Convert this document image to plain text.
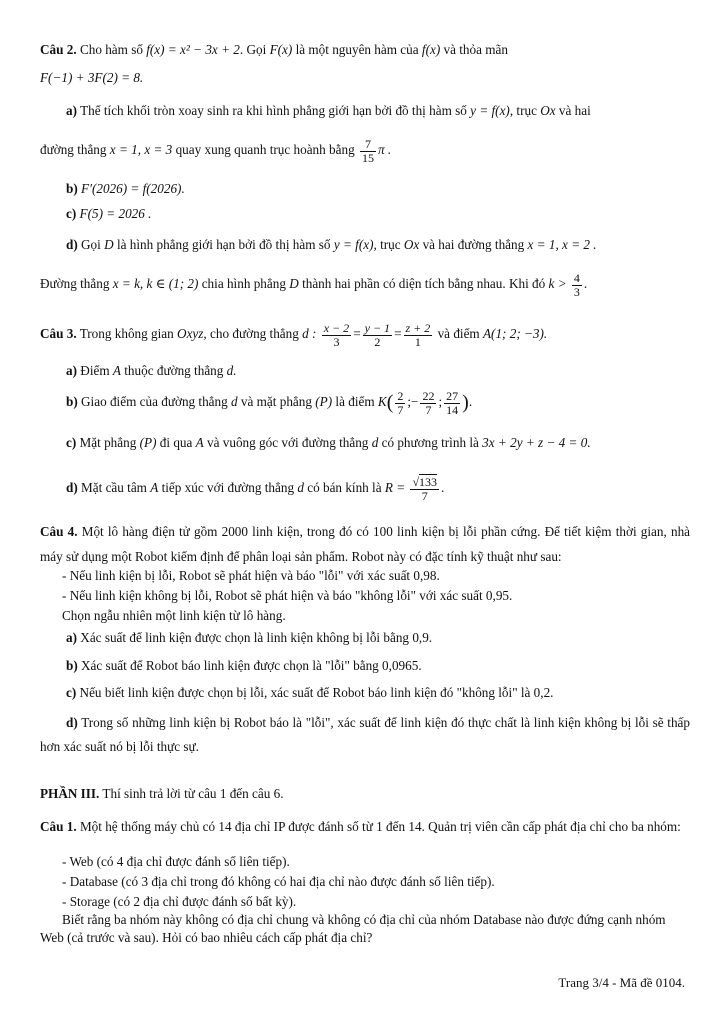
Câu 2. Cho hàm số f(x) = x² − 3x + 2. Gọi F(x) là một nguyên hàm của f(x) và thỏa mãn
F(−1) + 3F(2) = 8.
a) Thể tích khối tròn xoay sinh ra khi hình phẳng giới hạn bởi đồ thị hàm số y = f(x), trục Ox và hai
đường thẳng x = 1, x = 3 quay xung quanh trục hoành bằng $\frac{7}{15}$ π .
b) F′(2026) = f(2026).
c) F(5) = 2026 .
d) Gọi D là hình phẳng giới hạn bởi đồ thị hàm số y = f(x), trục Ox và hai đường thẳng x = 1, x = 2 .
Đường thẳng x = k, k ∈ (1; 2) chia hình phẳng D thành hai phần có diện tích bằng nhau. Khi đó $k > \frac{4}{3}$ .
Câu 3. Trong không gian Oxyz, cho đường thẳng d : $\frac{x - 2}{3} = \frac{y - 1}{2} = \frac{z + 2}{1}$ và điểm A(1; 2; −3).
a) Điểm A thuộc đường thẳng d.
b) Giao điểm của đường thẳng d và mặt phẳng (P) là điểm $K( \frac{2}{7}$ ;− $\frac{22}{7}$ ; $\frac{27}{14}$ ).
c) Mặt phẳng (P) đi qua A và vuông góc với đường thẳng d có phương trình là 3x + 2y + z − 4 = 0.
d) Mặt cầu tâm A tiếp xúc với đường thẳng d có bán kính là $R = \frac{√133}{7}$ .
Câu 4. Một lô hàng điện tử gồm 2000 linh kiện, trong đó có 100 linh kiện bị lỗi phần cứng. Để tiết kiệm thời gian, nhà máy sử dụng một Robot kiểm định để phân loại sản phẩm. Robot này có đặc tính kỹ thuật như sau:
- Nếu linh kiện bị lỗi, Robot sẽ phát hiện và báo "lỗi" với xác suất 0,98.
- Nếu linh kiện không bị lỗi, Robot sẽ phát hiện và báo "không lỗi" với xác suất 0,95.
Chọn ngẫu nhiên một linh kiện từ lô hàng.
a) Xác suất để linh kiện được chọn là linh kiện không bị lỗi bằng 0,9.
b) Xác suất để Robot báo linh kiện được chọn là "lỗi" bằng 0,0965.
c) Nếu biết linh kiện được chọn bị lỗi, xác suất để Robot báo linh kiện đó "không lỗi" là 0,2.
d) Trong số những linh kiện bị Robot báo là "lỗi", xác suất để linh kiện đó thực chất là linh kiện không bị lỗi sẽ thấp hơn xác suất nó bị lỗi thực sự.
PHẦN III. Thí sinh trả lời từ câu 1 đến câu 6.
Câu 1. Một hệ thống máy chủ có 14 địa chỉ IP được đánh số từ 1 đến 14. Quản trị viên cần cấp phát địa chỉ cho ba nhóm:
- Web (có 4 địa chỉ được đánh số liên tiếp).
- Database (có 3 địa chỉ trong đó không có hai địa chỉ nào được đánh số liên tiếp).
- Storage (có 2 địa chỉ được đánh số bất kỳ).
Biết rằng ba nhóm này không có địa chỉ chung và không có địa chỉ của nhóm Database nào được đứng cạnh nhóm Web (cả trước và sau). Hỏi có bao nhiêu cách cấp phát địa chỉ?
Trang 3/4 - Mã đề 0104.
